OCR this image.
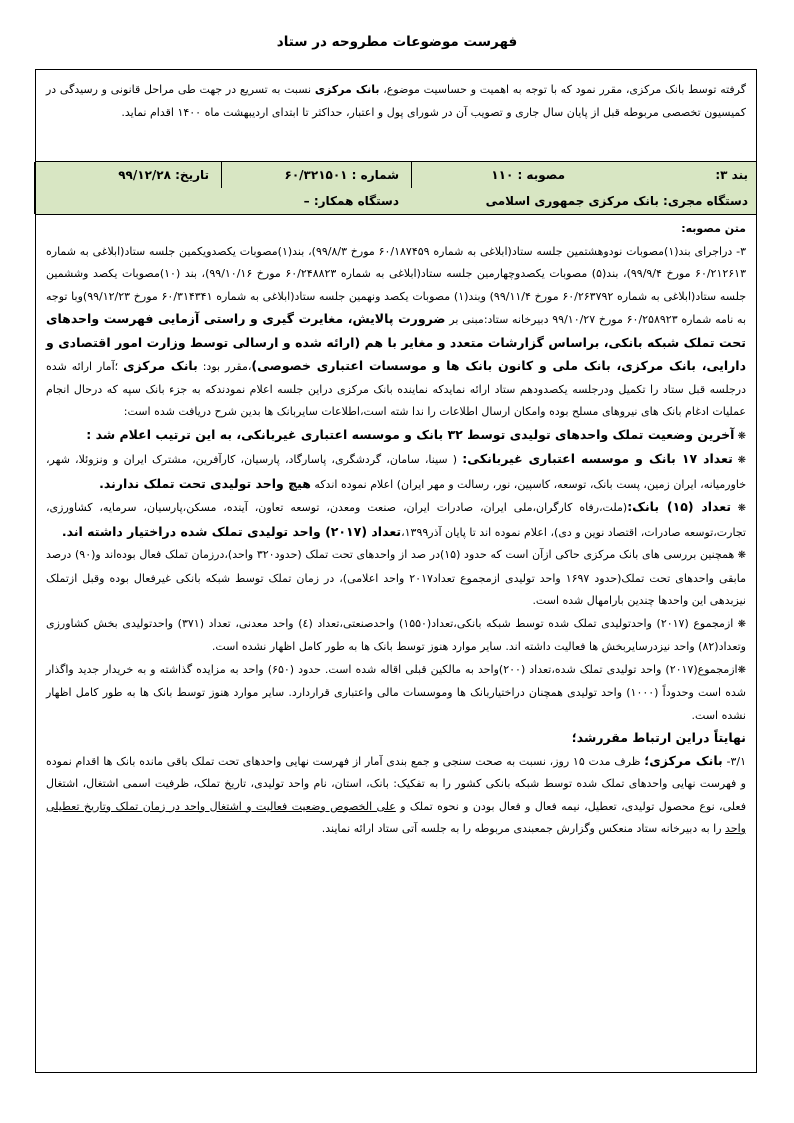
فهرست موضوعات مطروحه در ستاد
گرفته توسط بانک مرکزی، مقرر نمود که با توجه به اهمیت و حساسیت موضوع، بانک مرکزی نسبت به تسریع در جهت طی مراحل قانونی و رسیدگی در کمیسیون تخصصی مربوطه قبل از پایان سال جاری و تصویب آن در شورای پول و اعتبار، حداکثر تا ابتدای اردیبهشت ماه ۱۴۰۰ اقدام نماید.
بند ۳:
مصوبه : ۱۱۰
شماره : ۶۰/۳۲۱۵۰۱
تاریخ: ۹۹/۱۲/۲۸
دستگاه مجری: بانک مرکزی جمهوری اسلامی
دستگاه همکار: –

متن مصوبه:

۳- دراجرای بند(۱)مصوبات نودوهشتمین جلسه ستاد(ابلاغی به شماره ۶۰/۱۸۷۴۵۹ مورخ ۹۹/۸/۳)، بند(۱)مصوبات یکصدویکمین جلسه ستاد(ابلاغی به شماره ۶۰/۲۱۲۶۱۳ مورخ ۹۹/۹/۴)، بند(۵) مصوبات یکصدوچهارمین جلسه ستاد(ابلاغی به شماره ۶۰/۲۴۸۸۲۳ مورخ ۹۹/۱۰/۱۶)، بند (۱۰)مصوبات یکصد وششمین جلسه ستاد(ابلاغی به شماره ۶۰/۲۶۳۷۹۲ مورخ ۹۹/۱۱/۴) وبند(۱) مصوبات یکصد ونهمین جلسه ستاد(ابلاغی به شماره ۶۰/۳۱۴۳۴۱ مورخ ۹۹/۱۲/۲۳)وبا توجه به نامه شماره ۶۰/۲۵۸۹۲۳ مورخ ۹۹/۱۰/۲۷ دبیرخانه ستاد:مبنی بر ضرورت پالایش، مغایرت گیری و راستی آزمایی فهرست واحدهای تحت تملک شبکه بانکی، براساس گزارشات متعدد و مغایر با هم (ارائه شده و ارسالی توسط وزارت امور اقتصادی و دارایی، بانک مرکزی، بانک ملی و کانون بانک ها و موسسات اعتباری خصوصی)،مقرر بود: بانک مرکزی ؛آمار ارائه شده درجلسه قبل ستاد را تکمیل ودرجلسه یکصدودهم ستاد ارائه نمایدکه نماینده بانک مرکزی دراین جلسه اعلام نمودندکه به جزء بانک سپه که درحال انجام عملیات ادغام بانک های نیروهای مسلح بوده وامکان ارسال اطلاعات را ندا شته است،اطلاعات سایربانک ها بدین شرح دریافت شده است:

❋ آخرین وضعیت تملک واحدهای تولیدی توسط ۳۲ بانک و موسسه اعتباری غیربانکی، به این ترتیب اعلام شد :

❋ تعداد ۱۷ بانک و موسسه اعتباری غیربانکی: ( سینا، سامان، گردشگری، پاسارگاد، پارسیان، کارآفرین، مشترک ایران و ونزوئلا، شهر، خاورمیانه، ایران زمین، پست بانک، توسعه، کاسپین، نور، رسالت و مهر ایران) اعلام نموده اندکه هیچ واحد تولیدی تحت تملک ندارند.

❋ تعداد (۱۵) بانک:(ملت،رفاه کارگران،ملی ایران، صادرات ایران، صنعت ومعدن، توسعه تعاون، آینده، مسکن،پارسیان، سرمایه، کشاورزی، تجارت،توسعه صادرات، اقتصاد نوین و دی)، اعلام نموده اند تا پایان آذر۱۳۹۹،تعداد (۲۰۱۷) واحد تولیدی تملک شده دراختیار داشته اند.

❋ همچنین بررسی های بانک مرکزی حاکی ازآن است که حدود (۱۵)در صد از واحدهای تحت تملک (حدود۳۲۰ واحد)،درزمان تملک فعال بوده‌اند و(۹۰) درصد مابقی واحدهای تحت تملک(حدود ۱۶۹۷ واحد تولیدی ازمجموع تعداد۲۰۱۷ واحد اعلامی)، در زمان تملک توسط شبکه بانکی غیرفعال بوده وقبل ازتملک نیزبدهی این واحدها چندین بارامهال شده است.

❋ ازمجموع (۲۰۱۷) واحدتولیدی تملک شده توسط شبکه بانکی،تعداد(۱۵۵۰) واحدصنعتی،تعداد (٤) واحد معدنی، تعداد (۳۷۱) واحدتولیدی بخش کشاورزی وتعداد(۸۲) واحد نیزدرسایربخش ها فعالیت داشته اند. سایر موارد هنوز توسط بانک ها به طور کامل اظهار نشده است.

❋ازمجموع(۲۰۱۷) واحد تولیدی تملک شده،تعداد (۲۰۰)واحد به مالکین قبلی اقاله شده است. حدود (۶۵۰) واحد به مزایده گذاشته و به خریدار جدید واگذار شده است وحدوداً (۱۰۰۰) واحد تولیدی همچنان دراختیاربانک ها وموسسات مالی واعتباری قراردارد. سایر موارد هنوز توسط بانک ها به طور کامل اظهار نشده است.

نهایتاً دراین ارتباط مقررشد؛

۳/۱- بانک مرکزی؛ ظرف مدت ۱۵ روز، نسبت به صحت سنجی و جمع بندی آمار از فهرست نهایی واحدهای تحت تملک باقی مانده بانک ها اقدام نموده و فهرست نهایی واحدهای تملک شده توسط شبکه بانکی کشور را به تفکیک: بانک، استان، نام واحد تولیدی، تاریخ تملک، ظرفیت اسمی اشتغال، اشتغال فعلی، نوع محصول تولیدی، تعطیل، نیمه فعال و فعال بودن و نحوه تملک و علی الخصوص وضعیت فعالیت و اشتغال واحد در زمان تملک وتاریخ تعطیلی واحد را به دبیرخانه ستاد منعکس وگزارش جمعبندی مربوطه را به جلسه آتی ستاد ارائه نمایند.
